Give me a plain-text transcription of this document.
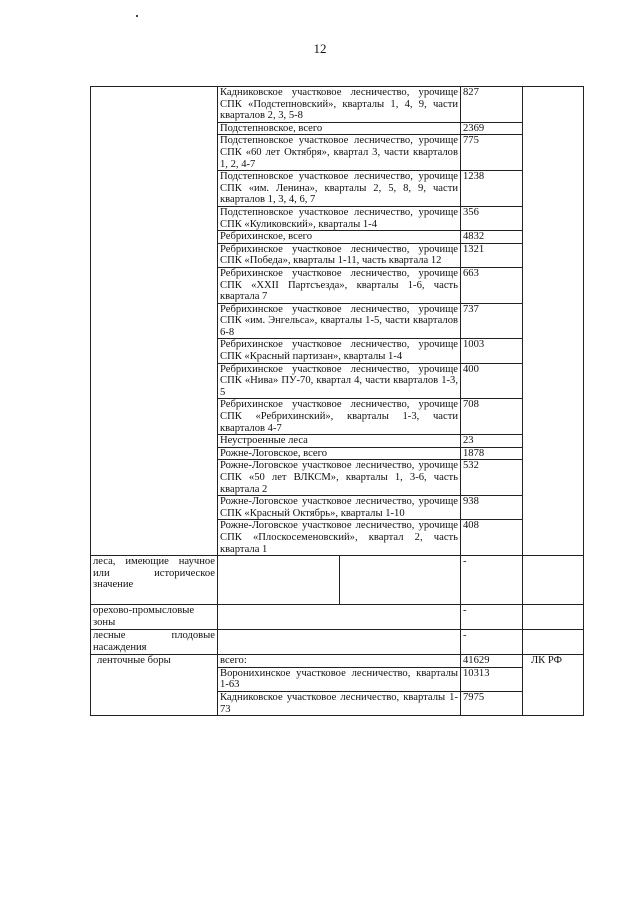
12
	Кадниковское участковое лесничество, урочище СПК «Подстепновский», кварталы 1, 4, 9, части кварталов 2, 3, 5-8	827	
	Подстепновское, всего	2369	
	Подстепновское участковое лесничество, урочище СПК «60 лет Октября», квартал 3, части кварталов 1, 2, 4-7	775	
	Подстепновское участковое лесничество, урочище СПК «им. Ленина», кварталы 2, 5, 8, 9, части кварталов 1, 3, 4, 6, 7	1238	
	Подстепновское участковое лесничество, урочище СПК «Куликовский», кварталы 1-4	356	
	Ребрихинское, всего	4832	
	Ребрихинское участковое лесничество, урочище СПК «Победа», кварталы 1-11, часть квартала 12	1321	
	Ребрихинское участковое лесничество, урочище СПК «XXII Партсъезда», кварталы 1-6, часть квартала 7	663	
	Ребрихинское участковое лесничество, урочище СПК «им. Энгельса», кварталы 1-5, части кварталов 6-8	737	
	Ребрихинское участковое лесничество, урочище СПК «Красный партизан», кварталы 1-4	1003	
	Ребрихинское участковое лесничество, урочище СПК «Нива» ПУ-70, квартал 4, части кварталов 1-3, 5	400	
	Ребрихинское участковое лесничество, урочище СПК «Ребрихинский», кварталы 1-3, части кварталов 4-7	708	
	Неустроенные леса	23	
	Рожне-Логовское, всего	1878	
	Рожне-Логовское участковое лесничество, урочище СПК «50 лет ВЛКСМ», кварталы 1, 3-6, часть квартала 2	532	
	Рожне-Логовское участковое лесничество, урочище СПК «Красный Октябрь», кварталы 1-10	938	
	Рожне-Логовское участковое лесничество, урочище СПК «Плоскосеменовский», квартал 2, часть квартала 1	408	
леса, имеющие научное или историческое значение		-	
орехово-промысловые зоны		-	
лесные плодовые насаждения		-	
ленточные боры	всего:	41629	ЛК РФ
	Воронихинское участковое лесничество, кварталы 1-63	10313	
	Кадниковское участковое лесничество, кварталы 1-73	7975	
